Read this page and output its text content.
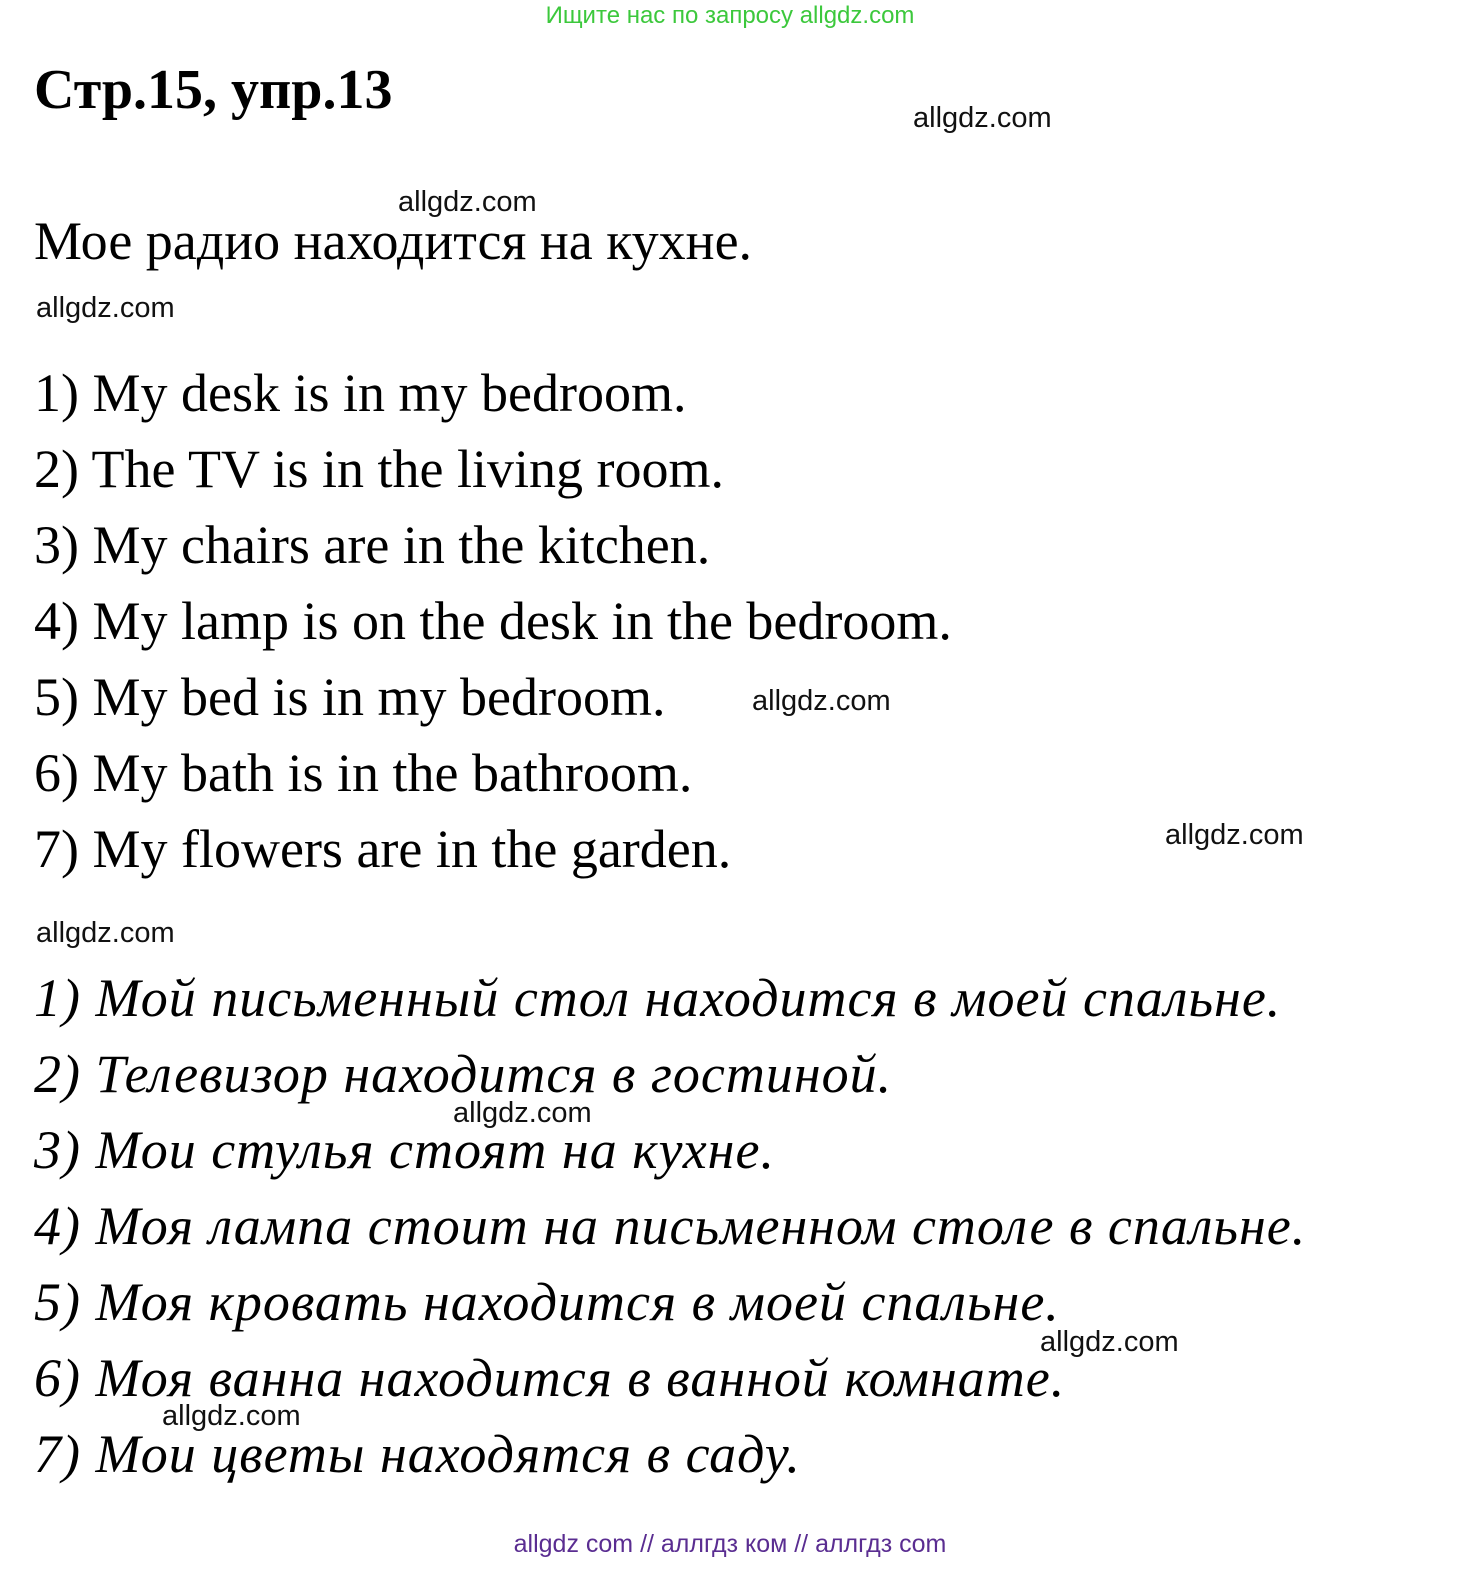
Ищите нас по запросу allgdz.com
Стр.15, упр.13	allgdz.com
allgdz.com
Мое радио находится на кухне.
allgdz.com
1) My desk is in my bedroom.
2) The TV is in the living room.
3) My chairs are in the kitchen.
4) My lamp is on the desk in the bedroom.
5) My bed is in my bedroom.	allgdz.com
6) My bath is in the bathroom.
7) My flowers are in the garden.	allgdz.com
allgdz.com
1) Мой письменный стол находится в моей спальне.
2) Телевизор находится в гостиной.
allgdz.com
3) Мои стулья стоят на кухне.
4) Моя лампа стоит на письменном столе в спальне.
5) Моя кровать находится в моей спальне.
allgdz.com
6) Моя ванна находится в ванной комнате.
allgdz.com
7) Мои цветы находятся в саду.
allgdz com // аллгдз ком // аллгдз com
